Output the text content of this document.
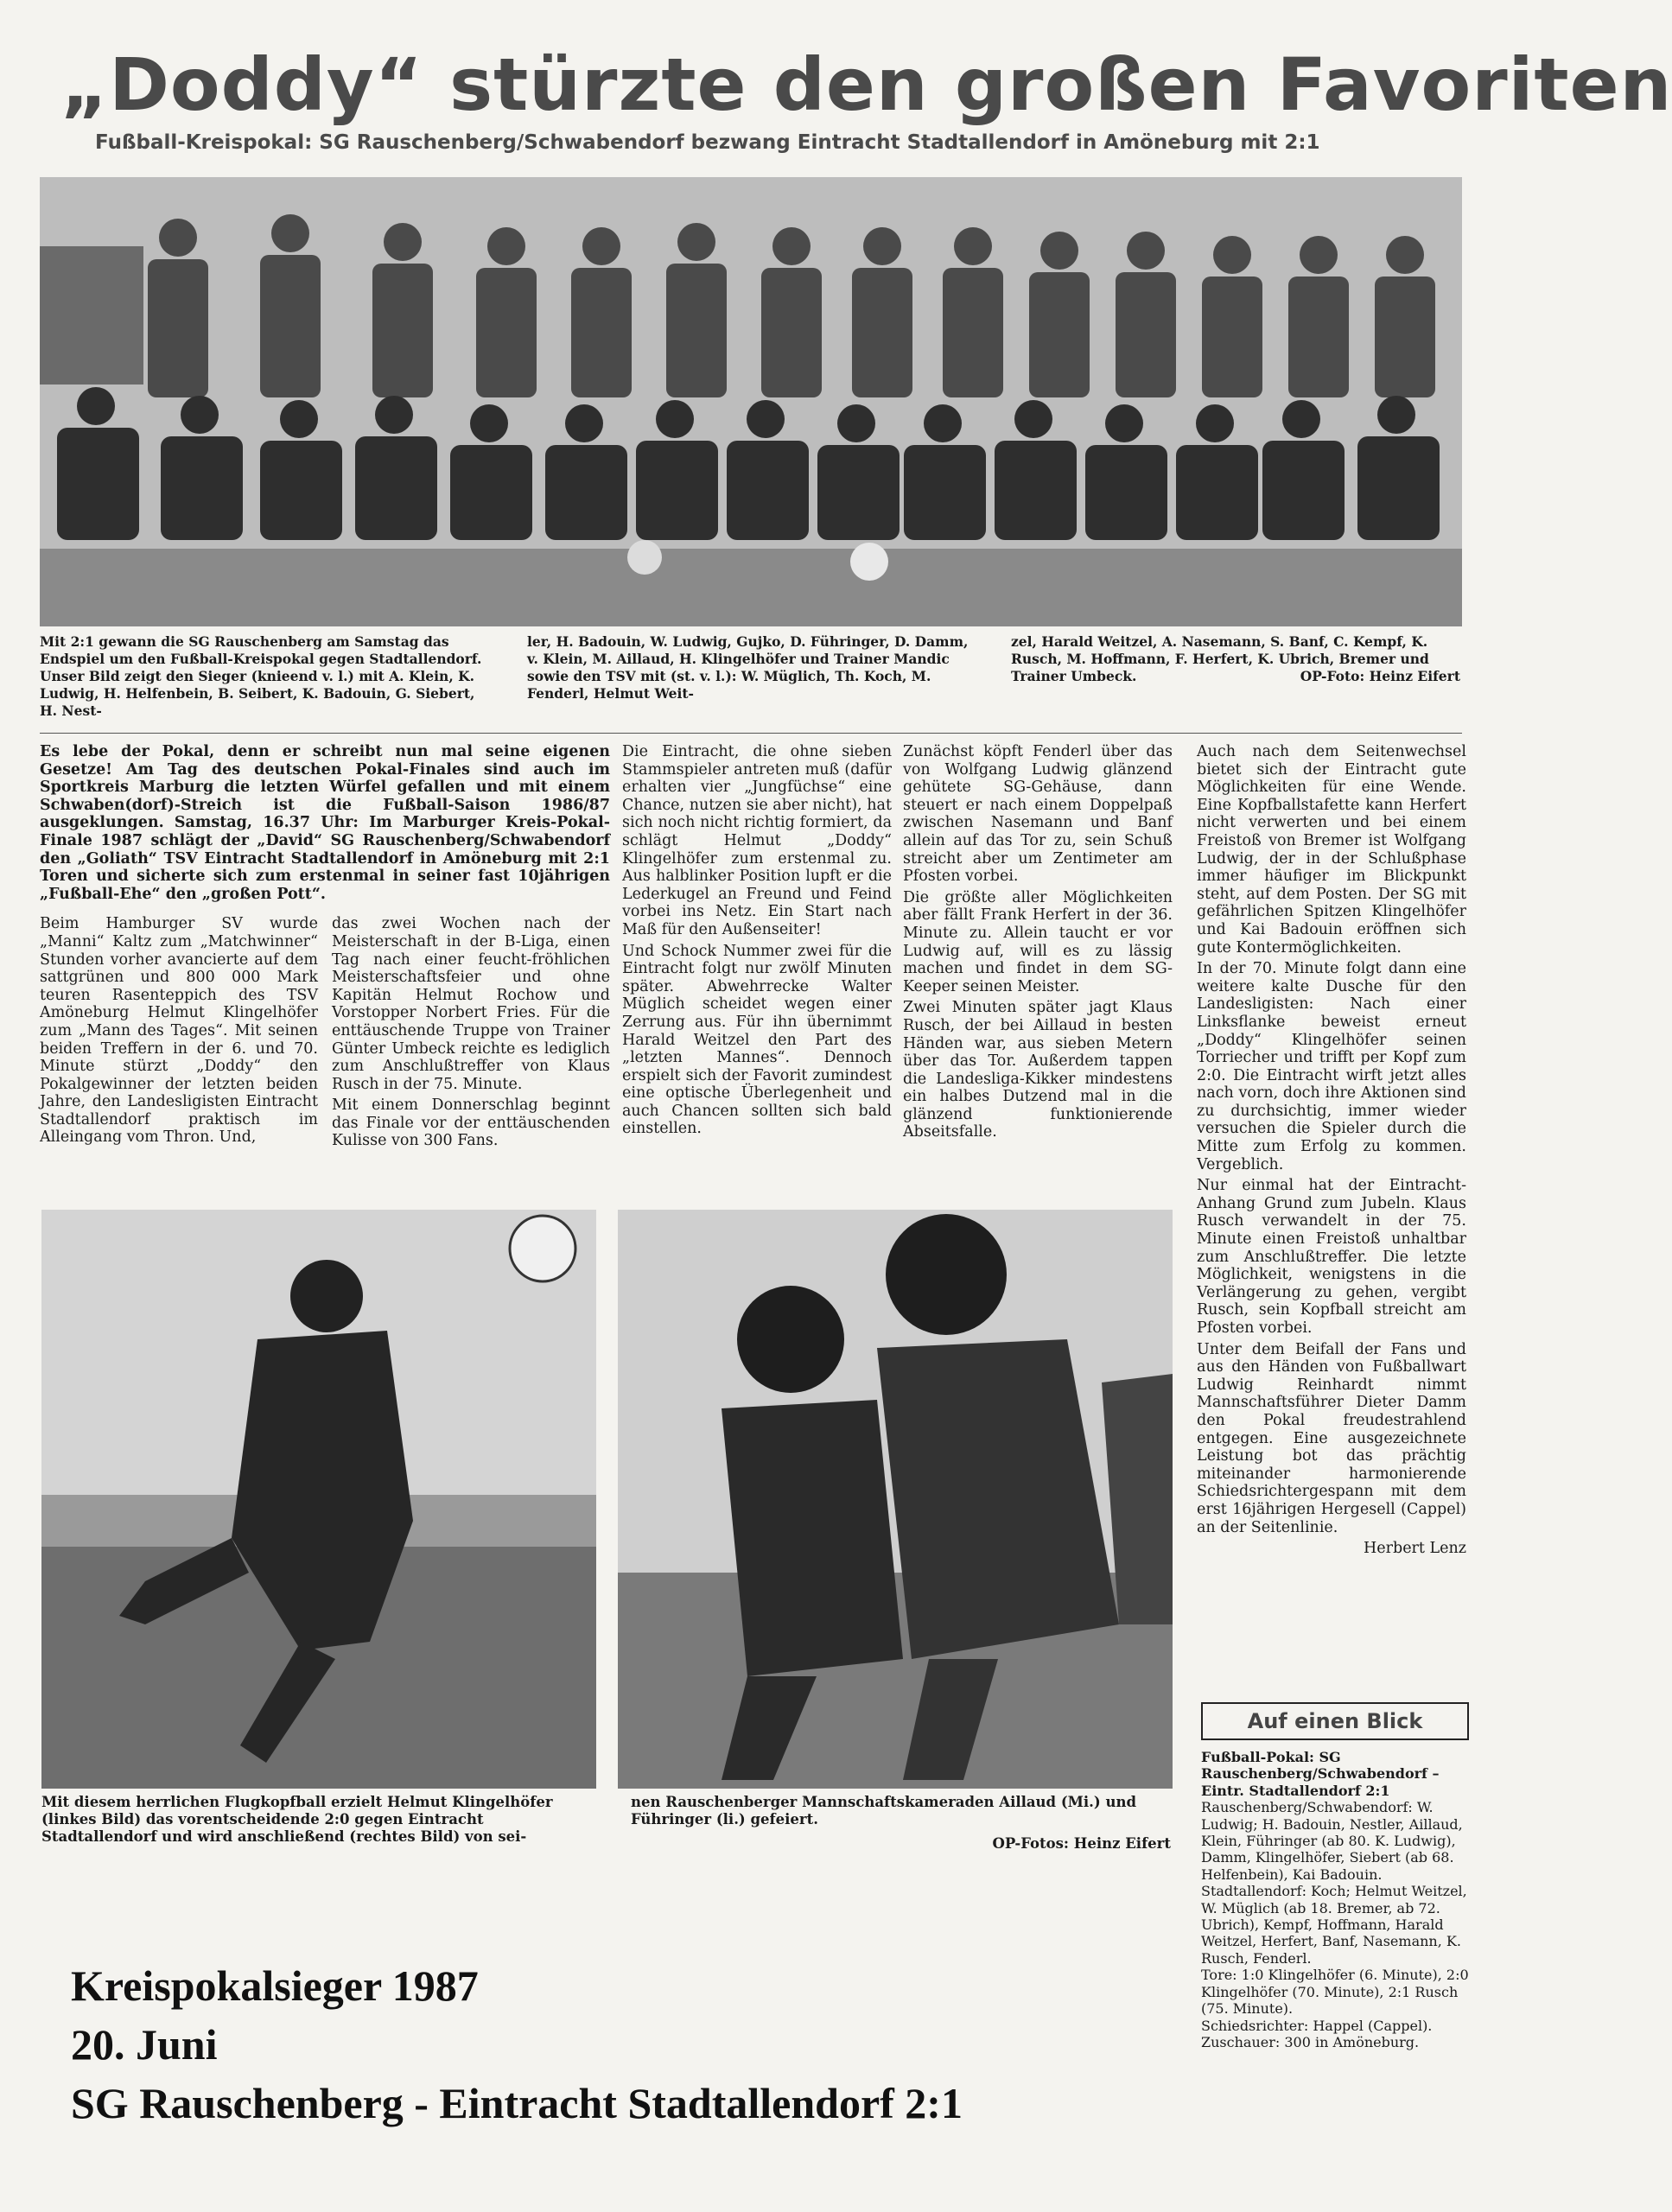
„Doddy“ stürzte den großen Favoriten
Fußball-Kreispokal: SG Rauschenberg/Schwabendorf bezwang Eintracht Stadtallendorf in Amöneburg mit 2:1
Mit 2:1 gewann die SG Rauschenberg am Samstag das Endspiel um den Fußball-Kreispokal gegen Stadtallendorf. Unser Bild zeigt den Sieger (knieend v. l.) mit A. Klein, K. Ludwig, H. Helfenbein, B. Seibert, K. Badouin, G. Siebert, H. Nest-
ler, H. Badouin, W. Ludwig, Gujko, D. Führinger, D. Damm, v. Klein, M. Aillaud, H. Klingelhöfer und Trainer Mandic sowie den TSV mit (st. v. l.): W. Müglich, Th. Koch, M. Fenderl, Helmut Weit-
zel, Harald Weitzel, A. Nasemann, S. Banf, C. Kempf, K. Rusch, M. Hoffmann, F. Herfert, K. Ubrich, Bremer und Trainer Umbeck.	OP-Foto: Heinz Eifert
Es lebe der Pokal, denn er schreibt nun mal seine eigenen Gesetze! Am Tag des deutschen Pokal-Finales sind auch im Sportkreis Marburg die letzten Würfel gefallen und mit einem Schwaben(dorf)-Streich ist die Fußball-Saison 1986/87 ausgeklungen. Samstag, 16.37 Uhr: Im Marburger Kreis-Pokal-Finale 1987 schlägt der „David“ SG Rauschenberg/Schwabendorf den „Goliath“ TSV Eintracht Stadtallendorf in Amöneburg mit 2:1 Toren und sicherte sich zum erstenmal in seiner fast 10jährigen „Fußball-Ehe“ den „großen Pott“.

Beim Hamburger SV wurde „Manni“ Kaltz zum „Matchwinner“ Stunden vorher avancierte auf dem sattgrünen und 800 000 Mark teuren Rasenteppich des TSV Amöneburg Helmut Klingelhöfer zum „Mann des Tages“. Mit seinen beiden Treffern in der 6. und 70. Minute stürzt „Doddy“ den Pokalgewinner der letzten beiden Jahre, den Landesligisten Eintracht Stadtallendorf praktisch im Alleingang vom Thron. Und,

das zwei Wochen nach der Meisterschaft in der B-Liga, einen Tag nach einer feucht-fröhlichen Meisterschaftsfeier und ohne Kapitän Helmut Rochow und Vorstopper Norbert Fries. Für die enttäuschende Truppe von Trainer Günter Umbeck reichte es lediglich zum Anschlußtreffer von Klaus Rusch in der 75. Minute.

Mit einem Donnerschlag beginnt das Finale vor der enttäuschenden Kulisse von 300 Fans.

Die Eintracht, die ohne sieben Stammspieler antreten muß (dafür erhalten vier „Jungfüchse“ eine Chance, nutzen sie aber nicht), hat sich noch nicht richtig formiert, da schlägt Helmut „Doddy“ Klingelhöfer zum erstenmal zu. Aus halblinker Position lupft er die Lederkugel an Freund und Feind vorbei ins Netz. Ein Start nach Maß für den Außenseiter!

Und Schock Nummer zwei für die Eintracht folgt nur zwölf Minuten später. Abwehrrecke Walter Müglich scheidet wegen einer Zerrung aus. Für ihn übernimmt Harald Weitzel den Part des „letzten Mannes“. Dennoch erspielt sich der Favorit zumindest eine optische Überlegenheit und auch Chancen sollten sich bald einstellen.

Zunächst köpft Fenderl über das von Wolfgang Ludwig glänzend gehütete SG-Gehäuse, dann steuert er nach einem Doppelpaß zwischen Nasemann und Banf allein auf das Tor zu, sein Schuß streicht aber um Zentimeter am Pfosten vorbei.

Die größte aller Möglichkeiten aber fällt Frank Herfert in der 36. Minute zu. Allein taucht er vor Ludwig auf, will es zu lässig machen und findet in dem SG-Keeper seinen Meister.

Zwei Minuten später jagt Klaus Rusch, der bei Aillaud in besten Händen war, aus sieben Metern über das Tor. Außerdem tappen die Landesliga-Kikker mindestens ein halbes Dutzend mal in die glänzend funktionierende Abseitsfalle.

Auch nach dem Seitenwechsel bietet sich der Eintracht gute Möglichkeiten für eine Wende. Eine Kopfballstafette kann Herfert nicht verwerten und bei einem Freistoß von Bremer ist Wolfgang Ludwig, der in der Schlußphase immer häufiger im Blickpunkt steht, auf dem Posten. Der SG mit gefährlichen Spitzen Klingelhöfer und Kai Badouin eröffnen sich gute Kontermöglichkeiten.

In der 70. Minute folgt dann eine weitere kalte Dusche für den Landesligisten: Nach einer Linksflanke beweist erneut „Doddy“ Klingelhöfer seinen Torriecher und trifft per Kopf zum 2:0. Die Eintracht wirft jetzt alles nach vorn, doch ihre Aktionen sind zu durchsichtig, immer wieder versuchen die Spieler durch die Mitte zum Erfolg zu kommen. Vergeblich.

Nur einmal hat der Eintracht-Anhang Grund zum Jubeln. Klaus Rusch verwandelt in der 75. Minute einen Freistoß unhaltbar zum Anschlußtreffer. Die letzte Möglichkeit, wenigstens in die Verlängerung zu gehen, vergibt Rusch, sein Kopfball streicht am Pfosten vorbei.

Unter dem Beifall der Fans und aus den Händen von Fußballwart Ludwig Reinhardt nimmt Mannschaftsführer Dieter Damm den Pokal freudestrahlend entgegen. Eine ausgezeichnete Leistung bot das prächtig miteinander harmonierende Schiedsrichtergespann mit dem erst 16jährigen Hergesell (Cappel) an der Seitenlinie.

Herbert Lenz

Mit diesem herrlichen Flugkopfball erzielt Helmut Klingelhöfer (linkes Bild) das vorentscheidende 2:0 gegen Eintracht Stadtallendorf und wird anschließend (rechtes Bild) von sei-
nen Rauschenberger Mannschaftskameraden Aillaud (Mi.) und Führinger (li.) gefeiert.
OP-Fotos: Heinz Eifert
Auf einen Blick

Fußball-Pokal: SG Rauschenberg/Schwabendorf – Eintr. Stadtallendorf 2:1

Rauschenberg/Schwabendorf: W. Ludwig; H. Badouin, Nestler, Aillaud, Klein, Führinger (ab 80. K. Ludwig), Damm, Klingelhöfer, Siebert (ab 68. Helfenbein), Kai Badouin.

Stadtallendorf: Koch; Helmut Weitzel, W. Müglich (ab 18. Bremer, ab 72. Ubrich), Kempf, Hoffmann, Harald Weitzel, Herfert, Banf, Nasemann, K. Rusch, Fenderl.

Tore: 1:0 Klingelhöfer (6. Minute), 2:0 Klingelhöfer (70. Minute), 2:1 Rusch (75. Minute).

Schiedsrichter: Happel (Cappel).

Zuschauer: 300 in Amöneburg.

Kreispokalsieger 1987
20. Juni
SG Rauschenberg - Eintracht Stadtallendorf 2:1
